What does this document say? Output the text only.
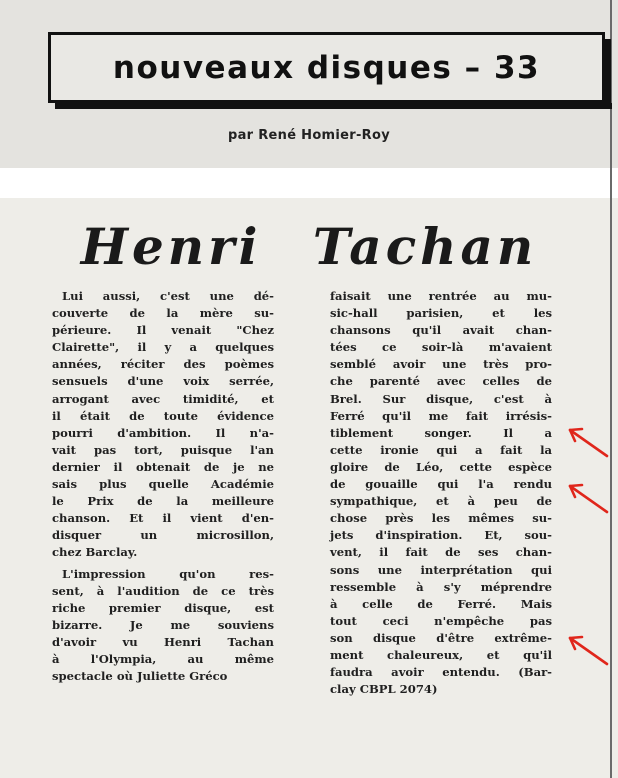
nouveaux disques – 33
par René Homier-Roy
Henri Tachan
Lui aussi, c'est une dé-
couverte de la mère su-
périeure. Il venait "Chez
Clairette", il y a quelques
années, réciter des poèmes
sensuels d'une voix serrée,
arrogant avec timidité, et
il était de toute évidence
pourri d'ambition. Il n'a-
vait pas tort, puisque l'an
dernier il obtenait de je ne
sais plus quelle Académie
le Prix de la meilleure
chanson. Et il vient d'en-
disquer un microsillon,
chez Barclay.
L'impression qu'on res-
sent, à l'audition de ce très
riche premier disque, est
bizarre. Je me souviens
d'avoir vu Henri Tachan
à l'Olympia, au même
spectacle où Juliette Gréco
faisait une rentrée au mu-
sic-hall parisien, et les
chansons qu'il avait chan-
tées ce soir-là m'avaient
semblé avoir une très pro-
che parenté avec celles de
Brel. Sur disque, c'est à
Ferré qu'il me fait irrésis-
tiblement songer. Il a
cette ironie qui a fait la
gloire de Léo, cette espèce
de gouaille qui l'a rendu
sympathique, et à peu de
chose près les mêmes su-
jets d'inspiration. Et, sou-
vent, il fait de ses chan-
sons une interprétation qui
ressemble à s'y méprendre
à celle de Ferré. Mais
tout ceci n'empêche pas
son disque d'être extrême-
ment chaleureux, et qu'il
faudra avoir entendu. (Bar-
clay CBPL 2074)
